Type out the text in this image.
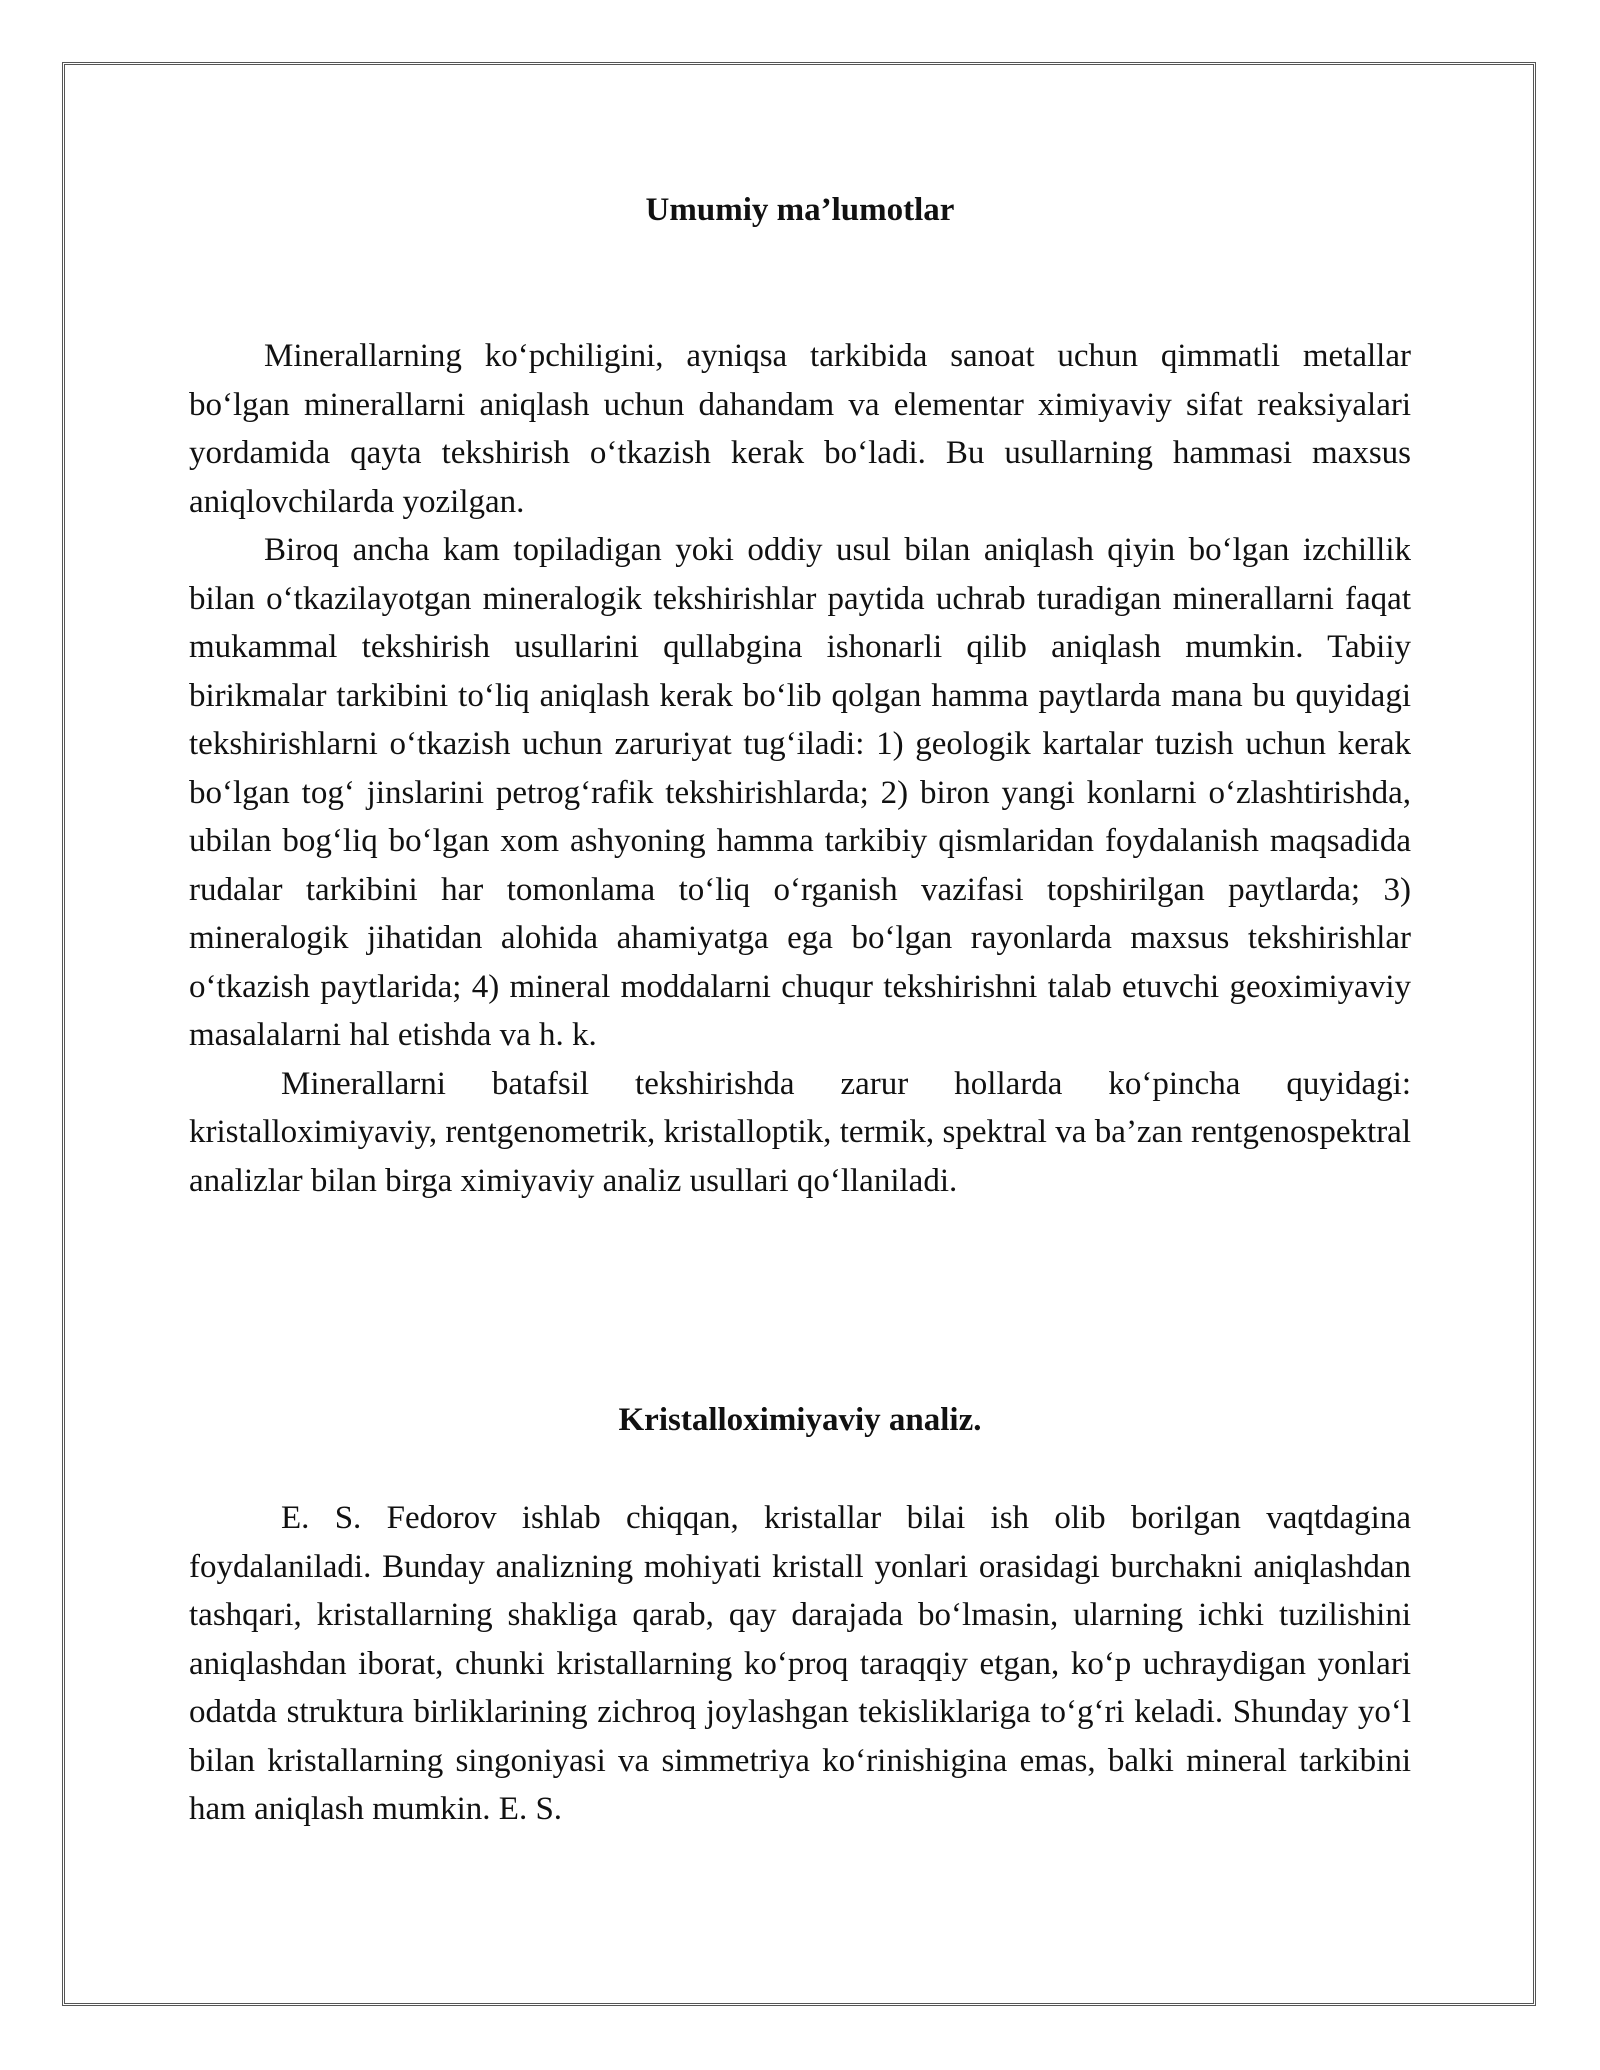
Umumiy ma’lumotlar

Minerallarning ko‘pchiligini, ayniqsa tarkibida sanoat uchun qimmatli metallar bo‘lgan minerallarni aniqlash uchun dahandam va elementar ximiyaviy sifat reaksiyalari yordamida qayta tekshirish o‘tkazish kerak bo‘ladi. Bu usullarning hammasi maxsus aniqlovchilarda yozilgan.

Biroq ancha kam topiladigan yoki oddiy usul bilan aniqlash qiyin bo‘lgan izchillik bilan o‘tkazilayotgan mineralogik tekshirishlar paytida uchrab turadigan minerallarni faqat mukammal tekshirish usullarini qullabgina ishonarli qilib aniqlash mumkin. Tabiiy birikmalar tarkibini to‘liq aniqlash kerak bo‘lib qolgan hamma paytlarda mana bu quyidagi tekshirishlarni o‘tkazish uchun zaruriyat tug‘iladi: 1) geologik kartalar tuzish uchun kerak bo‘lgan tog‘ jinslarini petrog‘rafik tekshirishlarda; 2) biron yangi konlarni o‘zlashtirishda, ubilan bog‘liq bo‘lgan xom ashyoning hamma tarkibiy qismlaridan foydalanish maqsadida rudalar tarkibini har tomonlama to‘liq o‘rganish vazifasi topshirilgan paytlarda; 3) mineralogik jihatidan alohida ahamiyatga ega bo‘lgan rayonlarda maxsus tekshirishlar o‘tkazish paytlarida; 4) mineral moddalarni chuqur tekshirishni talab etuvchi geoximiyaviy masalalarni hal etishda va h. k.

Minerallarni batafsil tekshirishda zarur hollarda ko‘pincha quyidagi: kristalloximiyaviy, rentgenometrik, kristalloptik, termik, spektral va ba’zan rentgenospektral analizlar bilan birga ximiyaviy analiz usullari qo‘llaniladi.

Kristalloximiyaviy analiz.

E. S. Fedorov ishlab chiqqan, kristallar bilai ish olib borilgan vaqtdagina foydalaniladi. Bunday analizning mohiyati kristall yonlari orasidagi burchakni aniqlashdan tashqari, kristallarning shakliga qarab, qay darajada bo‘lmasin, ularning ichki tuzilishini aniqlashdan iborat, chunki kristallarning ko‘proq taraqqiy etgan, ko‘p uchraydigan yonlari odatda struktura birliklarining zichroq joylashgan tekisliklariga to‘g‘ri keladi. Shunday yo‘l bilan kristallarning singoniyasi va simmetriya ko‘rinishigina emas, balki mineral tarkibini ham aniqlash mumkin. E. S.
